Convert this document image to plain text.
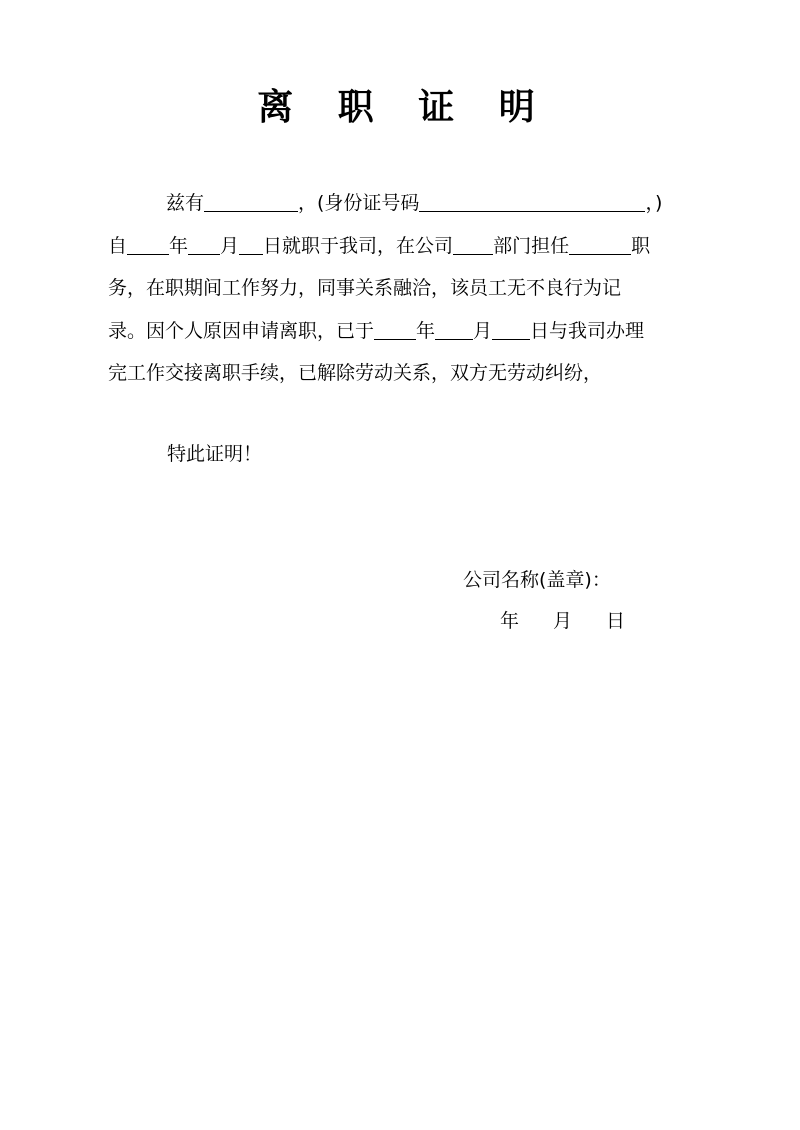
离 职 证 明
兹有	，(身份证号码	，)
自 年 月 日就职于我司，在公司 部门担任	职
务，在职期间工作努力，同事关系融洽，该员工无不良行为记
录。因个人原因申请离职，已于 年 月 日与我司办理
完工作交接离职手续，已解除劳动关系，双方无劳动纠纷，
特此证明！
公司名称(盖章)：
年 月 日
